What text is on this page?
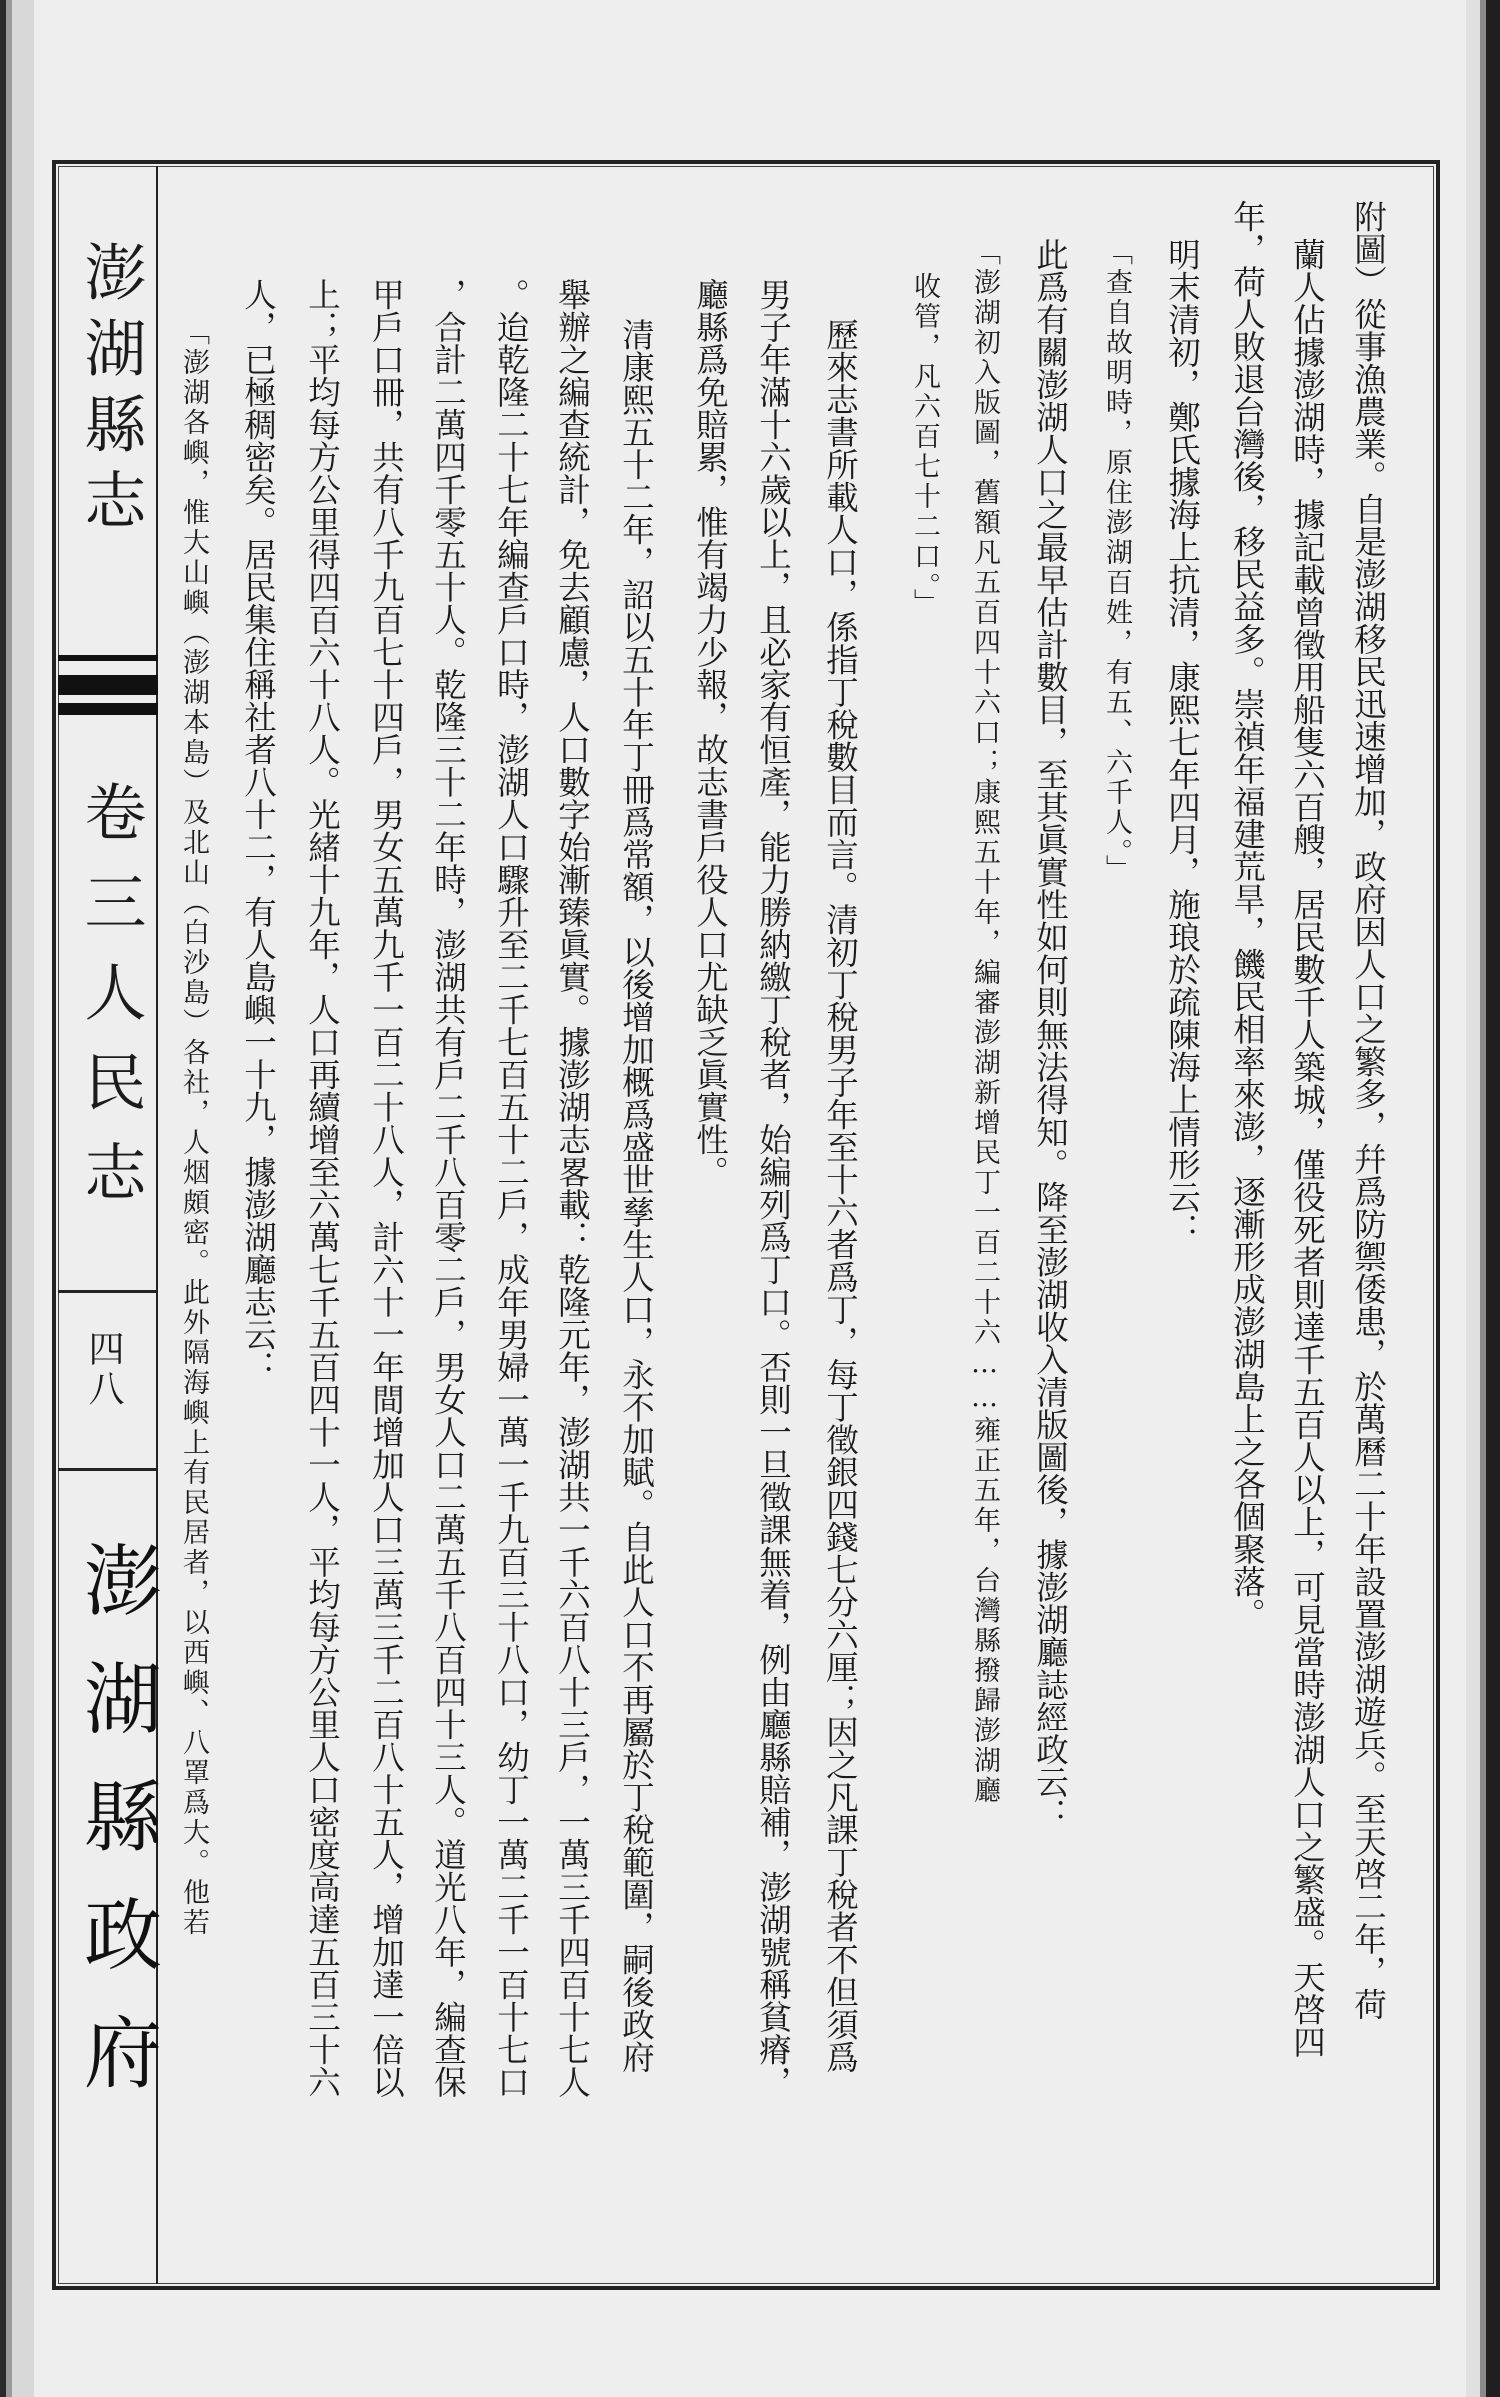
澎湖縣志
卷三人民志
四八
澎湖縣政府	附圖）從事漁農業。自是澎湖移民迅速增加，政府因人口之繁多，幷爲防禦倭患，於萬曆二十年設置澎湖遊兵。至天啓二年，荷
蘭人佔據澎湖時，據記載曾徵用船隻六百艘，居民數千人築城，僅役死者則達千五百人以上，可見當時澎湖人口之繁盛。天啓四
年，荷人敗退台灣後，移民益多。崇禎年福建荒旱，饑民相率來澎，逐漸形成澎湖島上之各個聚落。
明末清初，鄭氏據海上抗清，康熙七年四月，施琅於疏陳海上情形云：
「查自故明時，原住澎湖百姓，有五、六千人。」
此爲有關澎湖人口之最早估計數目，至其眞實性如何則無法得知。降至澎湖收入清版圖後，據澎湖廳誌經政云：
「澎湖初入版圖，舊額凡五百四十六口；康熙五十年，編審澎湖新增民丁一百二十六……雍正五年，台灣縣撥歸澎湖廳
收管，凡六百七十二口。」
歷來志書所載人口，係指丁稅數目而言。清初丁稅男子年至十六者爲丁，每丁徵銀四錢七分六厘；因之凡課丁稅者不但須爲
男子年滿十六歲以上，且必家有恒產，能力勝納繳丁稅者，始編列爲丁口。否則一旦徵課無着，例由廳縣賠補，澎湖號稱貧瘠，
廳縣爲免賠累，惟有竭力少報，故志書戶役人口尤缺乏眞實性。
清康熙五十二年，詔以五十年丁冊爲常額，以後增加概爲盛世孳生人口，永不加賦。自此人口不再屬於丁稅範圍，嗣後政府
舉辦之編查統計，免去顧慮，人口數字始漸臻眞實。據澎湖志畧載：乾隆元年，澎湖共一千六百八十三戶，一萬三千四百十七人
。迨乾隆二十七年編查戶口時，澎湖人口驟升至二千七百五十二戶，成年男婦一萬一千九百三十八口，幼丁一萬二千一百十七口
，合計二萬四千零五十人。乾隆三十二年時，澎湖共有戶二千八百零二戶，男女人口二萬五千八百四十三人。道光八年，編查保
甲戶口冊，共有八千九百七十四戶，男女五萬九千一百二十八人，計六十一年間增加人口三萬三千二百八十五人，增加達一倍以
上；平均每方公里得四百六十八人。光緒十九年，人口再續增至六萬七千五百四十一人，平均每方公里人口密度高達五百三十六
人，已極稠密矣。居民集住稱社者八十二，有人島嶼一十九，據澎湖廳志云：
「澎湖各嶼，惟大山嶼（澎湖本島）及北山（白沙島）各社，人烟頗密。此外隔海嶼上有民居者，以西嶼、八罩爲大。他若
